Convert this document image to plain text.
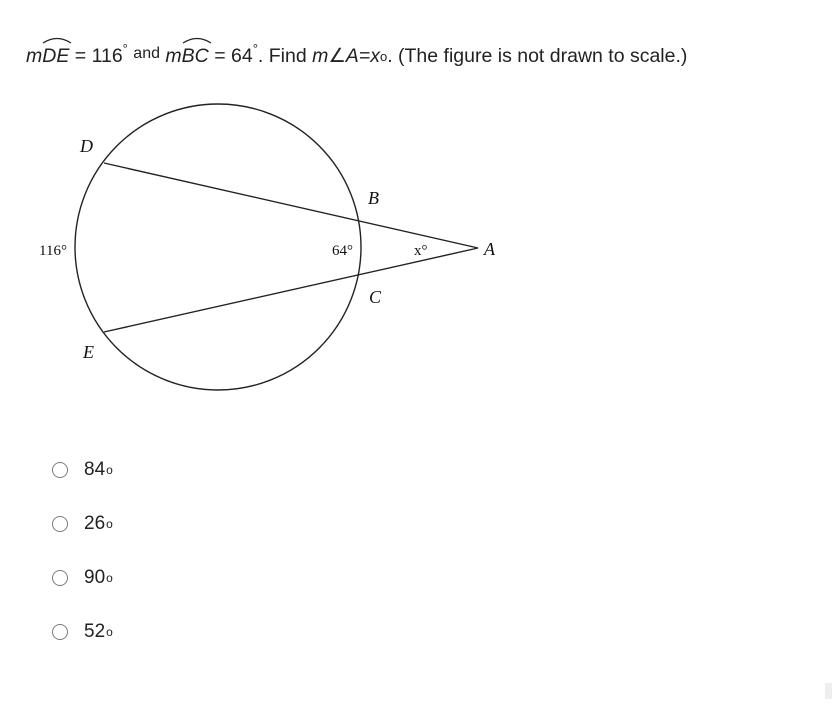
mDE = 116° $^{and}$ mBC = 64°. Find m∠A=xo. (The figure is not drawn to scale.)
D
B
A
C
E
116°	64°	x°
84 o
26 o
90 o
52 o
